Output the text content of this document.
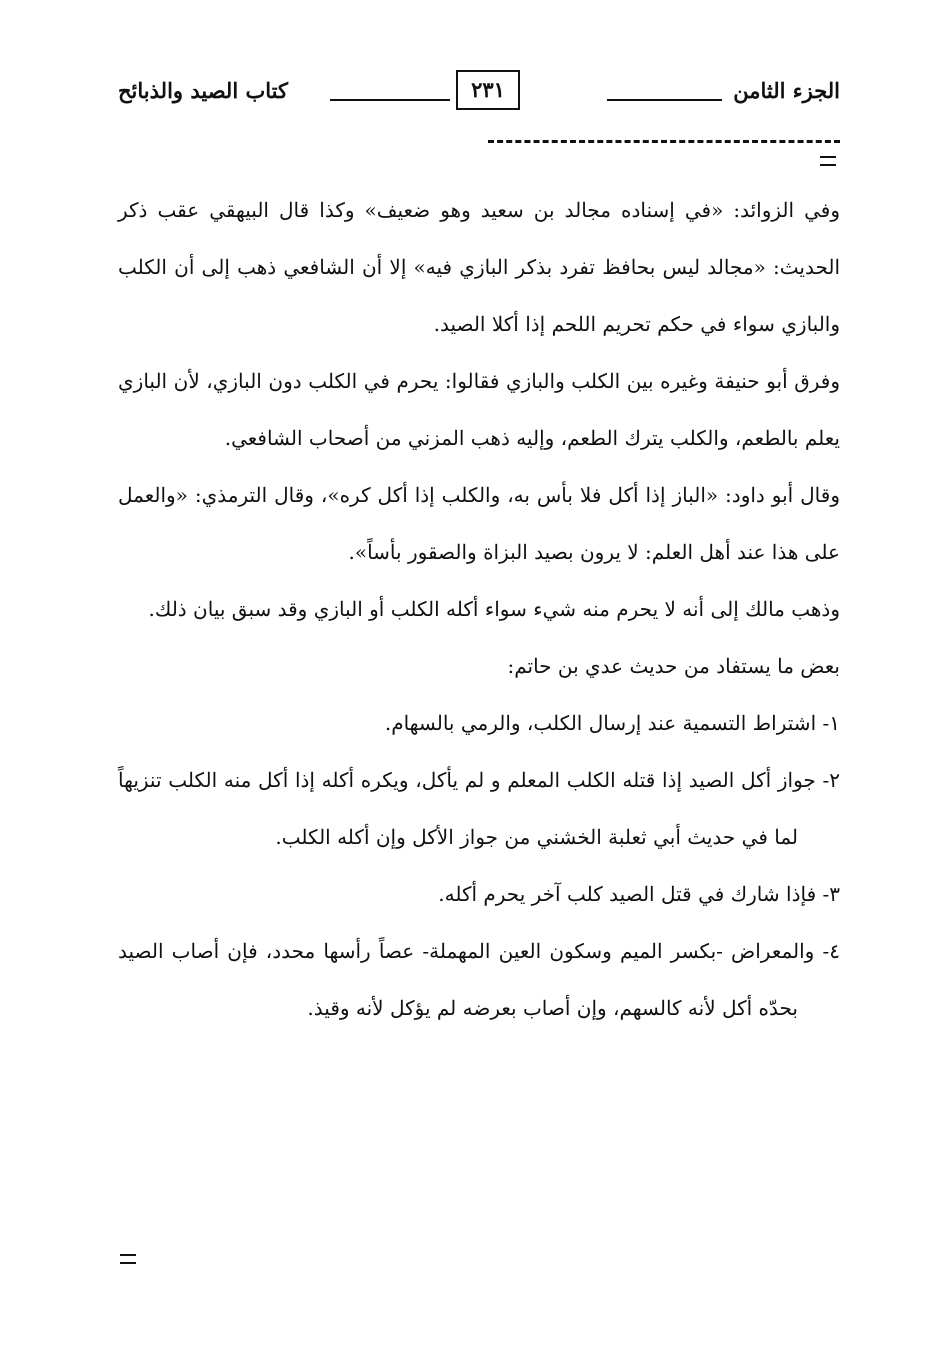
الجزء الثامن
٢٣١
كتاب الصيد والذبائح

وفي الزوائد: «في إسناده مجالد بن سعيد وهو ضعيف» وكذا قال البيهقي عقب ذكر الحديث: «مجالد ليس بحافظ تفرد بذكر البازي فيه» إلا أن الشافعي ذهب إلى أن الكلب والبازي سواء في حكم تحريم اللحم إذا أكلا الصيد.

وفرق أبو حنيفة وغيره بين الكلب والبازي فقالوا: يحرم في الكلب دون البازي، لأن البازي يعلم بالطعم، والكلب يترك الطعم، وإليه ذهب المزني من أصحاب الشافعي.

وقال أبو داود: «الباز إذا أكل فلا بأس به، والكلب إذا أكل كره»، وقال الترمذي: «والعمل على هذا عند أهل العلم: لا يرون بصيد البزاة والصقور بأساً».

وذهب مالك إلى أنه لا يحرم منه شيء سواء أكله الكلب أو البازي وقد سبق بيان ذلك.

بعض ما يستفاد من حديث عدي بن حاتم:

١- اشتراط التسمية عند إرسال الكلب، والرمي بالسهام.

٢- جواز أكل الصيد إذا قتله الكلب المعلم و لم يأكل، ويكره أكله إذا أكل منه الكلب تنزيهاً لما في حديث أبي ثعلبة الخشني من جواز الأكل وإن أكله الكلب.

٣- فإذا شارك في قتل الصيد كلب آخر يحرم أكله.

٤- والمعراض -بكسر الميم وسكون العين المهملة- عصاً رأسها محدد، فإن أصاب الصيد بحدّه أكل لأنه كالسهم، وإن أصاب بعرضه لم يؤكل لأنه وقيذ.
